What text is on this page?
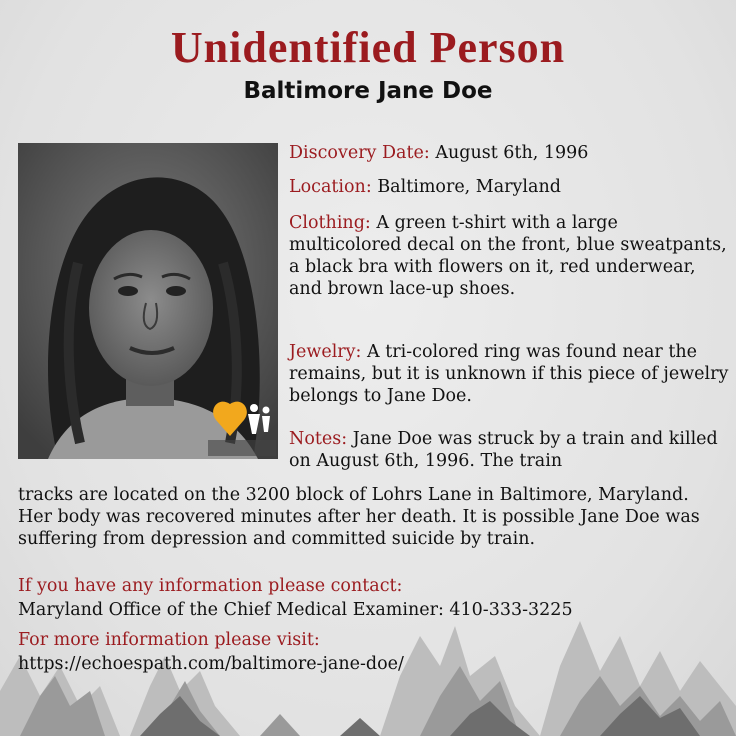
Unidentified Person
Baltimore Jane Doe
Discovery Date: August 6th, 1996
Location: Baltimore, Maryland
Clothing: A green t-shirt with a large multicolored decal on the front, blue sweatpants, a black bra with flowers on it, red underwear, and brown lace-up shoes.
Jewelry: A tri-colored ring was found near the remains, but it is unknown if this piece of jewelry belongs to Jane Doe.
Notes: Jane Doe was struck by a train and killed on August 6th, 1996. The train
tracks are located on the 3200 block of Lohrs Lane in Baltimore, Maryland. Her body was recovered minutes after her death. It is possible Jane Doe was suffering from depression and committed suicide by train.
If you have any information please contact:
Maryland Office of the Chief Medical Examiner: 410-333-3225
For more information please visit:
https://echoespath.com/baltimore-jane-doe/
